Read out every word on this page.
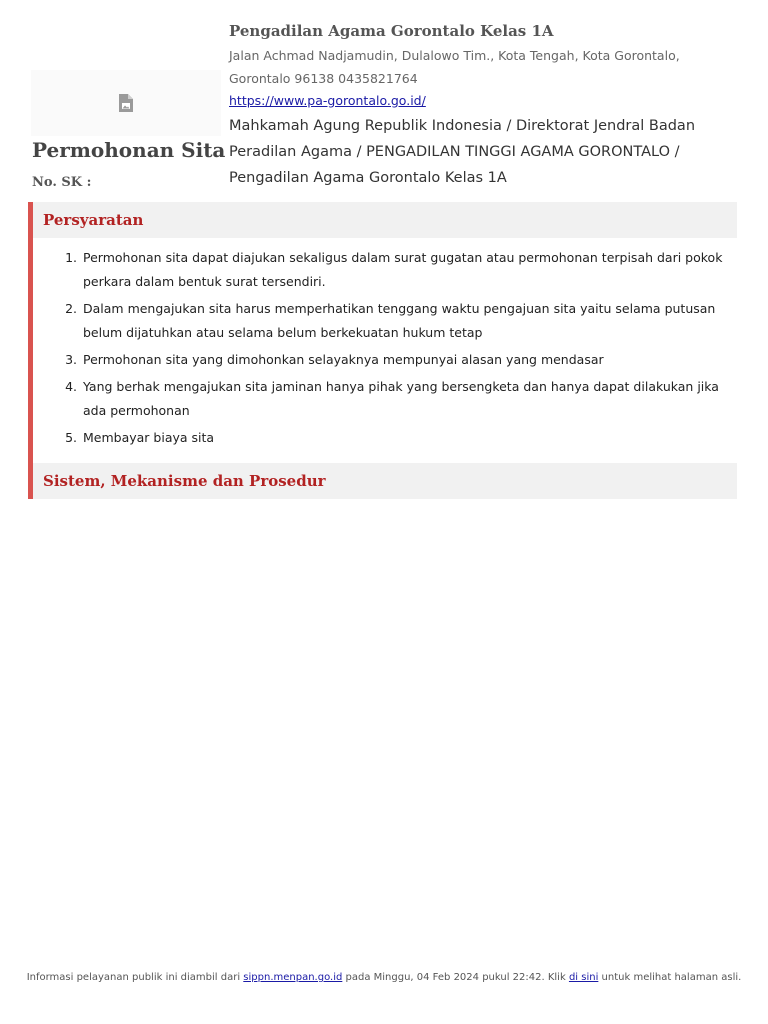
Permohonan Sita
No. SK :

Pengadilan Agama Gorontalo Kelas 1A

Jalan Achmad Nadjamudin, Dulalowo Tim., Kota Tengah, Kota Gorontalo, Gorontalo 96138 0435821764

https://www.pa-gorontalo.go.id/

Mahkamah Agung Republik Indonesia / Direktorat Jendral Badan Peradilan Agama / PENGADILAN TINGGI AGAMA GORONTALO / Pengadilan Agama Gorontalo Kelas 1A

Persyaratan
1. Permohonan sita dapat diajukan sekaligus dalam surat gugatan atau permohonan terpisah dari pokok perkara dalam bentuk surat tersendiri.
2. Dalam mengajukan sita harus memperhatikan tenggang waktu pengajuan sita yaitu selama putusan belum dijatuhkan atau selama belum berkekuatan hukum tetap
3. Permohonan sita yang dimohonkan selayaknya mempunyai alasan yang mendasar
4. Yang berhak mengajukan sita jaminan hanya pihak yang bersengketa dan hanya dapat dilakukan jika ada permohonan
5. Membayar biaya sita
Sistem, Mekanisme dan Prosedur
Informasi pelayanan publik ini diambil dari sippn.menpan.go.id pada Minggu, 04 Feb 2024 pukul 22:42. Klik di sini untuk melihat halaman asli.
